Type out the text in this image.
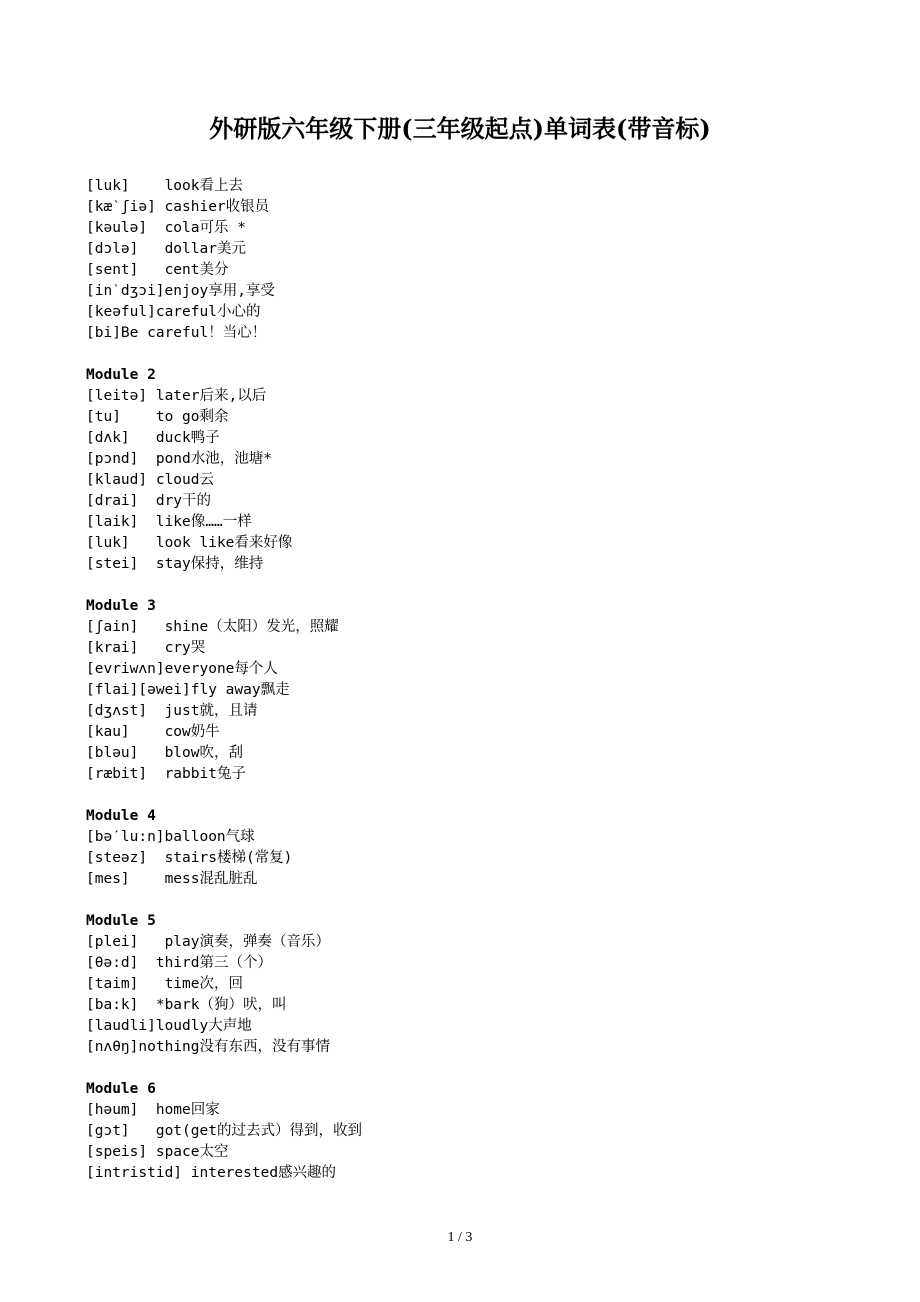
外研版六年级下册(三年级起点)单词表(带音标)
[luk]    look看上去
[kæˋʃiə] cashier收银员
[kəulə]  cola可乐 *
[dɔlə]   dollar美元
[sent]   cent美分
[inˋdʒɔi]enjoy享用,享受
[keəful]careful小心的
[bi]Be careful！当心！
Module 2
[leitə] later后来,以后
[tu]    to go剩余
[dʌk]   duck鸭子
[pɔnd]  pond水池，池塘*
[klaud] cloud云
[drai]  dry干的
[laik]  like像……一样
[luk]   look like看来好像
[stei]  stay保持，维持
Module 3
[ʃain]   shine（太阳）发光，照耀
[krai]   cry哭
[evriwʌn]everyone每个人
[flai][əwei]fly away飘走
[dʒʌst]  just就，且请
[kau]    cow奶牛
[bləu]   blow吹，刮
[ræbit]  rabbit兔子
Module 4
[bəˊlu:n]balloon气球
[steəz]  stairs楼梯(常复)
[mes]    mess混乱脏乱
Module 5
[plei]   play演奏，弹奏（音乐）
[θə:d]  third第三（个）
[taim]   time次，回
[ba:k]  *bark（狗）吠，叫
[laudli]loudly大声地
[nʌθŋ]nothing没有东西，没有事情
Module 6
[həum]  home回家
[gɔt]   got(get的过去式）得到，收到
[speis] space太空
[intristid] interested感兴趣的
1 / 3
